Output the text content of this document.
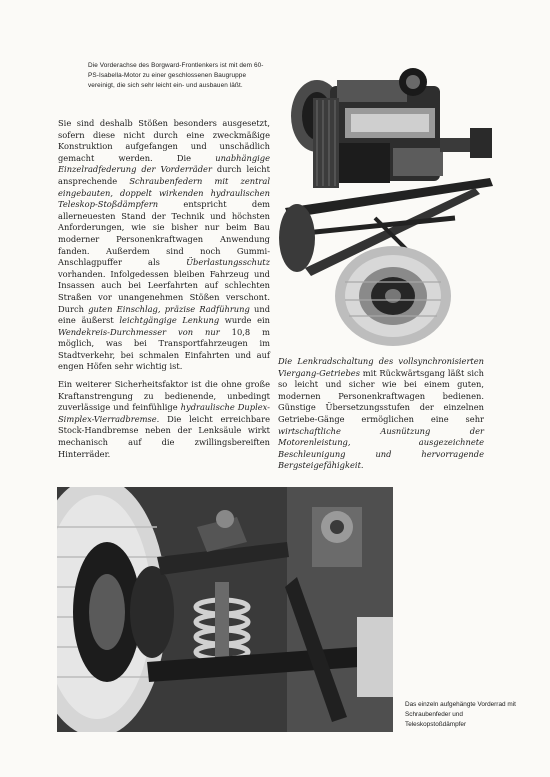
Die Vorderachse des Borgward-Frontlenkers ist mit dem 60-PS-Isabella-Motor zu einer geschlossenen Baugruppe vereinigt, die sich sehr leicht ein- und ausbauen läßt.

Sie sind deshalb Stößen besonders ausgesetzt, sofern diese nicht durch eine zweckmäßige Konstruktion aufgefangen und unschädlich gemacht werden. Die unabhängige Einzelradfederung der Vorderräder durch leicht ansprechende Schraubenfedern mit zentral eingebauten, doppelt wirkenden hydraulischen Teleskop-Stoßdämpfern entspricht dem allerneuesten Stand der Technik und höchsten Anforderungen, wie sie bisher nur beim Bau moderner Personenkraftwagen Anwendung fanden. Außerdem sind noch Gummi-Anschlagpuffer als Überlastungsschutz vorhanden. Infolgedessen bleiben Fahrzeug und Insassen auch bei Leerfahrten auf schlechten Straßen vor unangenehmen Stößen verschont. Durch guten Einschlag, präzise Radführung und eine äußerst leichtgängige Lenkung wurde ein Wendekreis-Durchmesser von nur 10,8 m möglich, was bei Transportfahrzeugen im Stadtverkehr, bei schmalen Einfahrten und auf engen Höfen sehr wichtig ist.

Ein weiterer Sicherheitsfaktor ist die ohne große Kraftanstrengung zu bedienende, unbedingt zuverlässige und feinfühlige hydraulische Duplex-Simplex-Vierradbremse. Die leicht erreichbare Stock-Handbremse neben der Lenksäule wirkt mechanisch auf die zwillingsbereiften Hinterräder.

Die Lenkradschaltung des vollsynchronisierten Viergang-Getriebes mit Rückwärtsgang läßt sich so leicht und sicher wie bei einem guten, modernen Personenkraftwagen bedienen. Günstige Übersetzungsstufen der einzelnen Getriebe-Gänge ermöglichen eine sehr wirtschaftliche Ausnützung der Motorenleistung, ausgezeichnete Beschleunigung und hervorragende Bergsteigefähigkeit.
Das einzeln aufgehängte Vorderrad mit Schraubenfeder und Teleskopstoßdämpfer
